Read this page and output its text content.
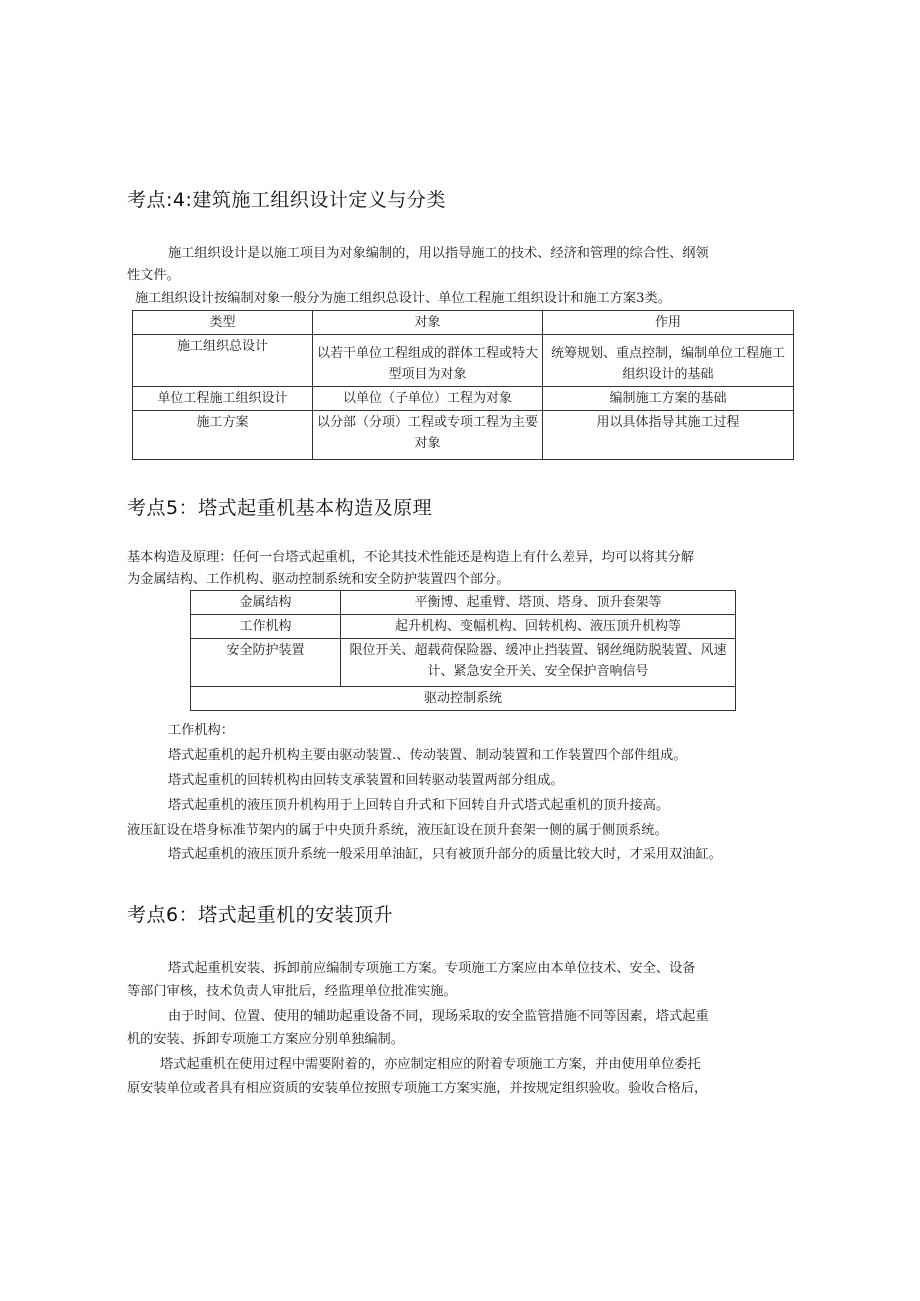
考点:4:建筑施工组织设计定义与分类

施工组织设计是以施工项目为对象编制的，用以指导施工的技术、经济和管理的综合性、纲领

性文件。

施工组织设计按编制对象一般分为施工组织总设计、单位工程施工组织设计和施工方案3类。

类型	对象	作用
施工组织总设计	以若干单位工程组成的群体工程或特大型项目为对象	统筹规划、重点控制，编制单位工程施工组织设计的基础
单位工程施工组织设计	以单位（子单位）工程为对象	编制施工方案的基础
施工方案	以分部（分项）工程或专项工程为主要对象	用以具体指导其施工过程
考点5：塔式起重机基本构造及原理

基本构造及原理：任何一台塔式起重机，不论其技术性能还是构造上有什么差异，均可以将其分解

为金属结构、工作机构、驱动控制系统和安全防护装置四个部分。

金属结构	平衡博、起重臂、塔顶、塔身、顶升套架等
工作机构	起升机构、变幅机构、回转机构、液压顶升机构等
安全防护装置	限位开关、超载荷保险器、缓冲止挡装置、钢丝绳防脱装置、风速计、紧急安全开关、安全保护音响信号
驱动控制系统	

工作机构：

塔式起重机的起升机构主要由驱动装置.、传动装置、制动装置和工作装置四个部件组成。

塔式起重机的回转机构由回转支承装置和回转驱动装置两部分组成。

塔式起重机的液压顶升机构用于上回转自升式和下回转自升式塔式起重机的顶升接高。

液压缸设在塔身标准节架内的属于中央顶升系统，液压缸设在顶升套架一侧的属于侧顶系统。

塔式起重机的液压顶升系统一般采用单油缸，只有被顶升部分的质量比较大时，才采用双油缸。

考点6：塔式起重机的安装顶升

塔式起重机安装、拆卸前应编制专项施工方案。专项施工方案应由本单位技术、安全、设备

等部门审核，技术负责人审批后，经监理单位批准实施。

由于时间、位置、使用的辅助起重设备不同，现场采取的安全监管措施不同等因素，塔式起重

机的安装、拆卸专项施工方案应分别单独编制。

塔式起重机在使用过程中需要附着的，亦应制定相应的附着专项施工方案，并由使用单位委托

原安装单位或者具有相应资质的安装单位按照专项施工方案实施，并按规定组织验收。验收合格后，
